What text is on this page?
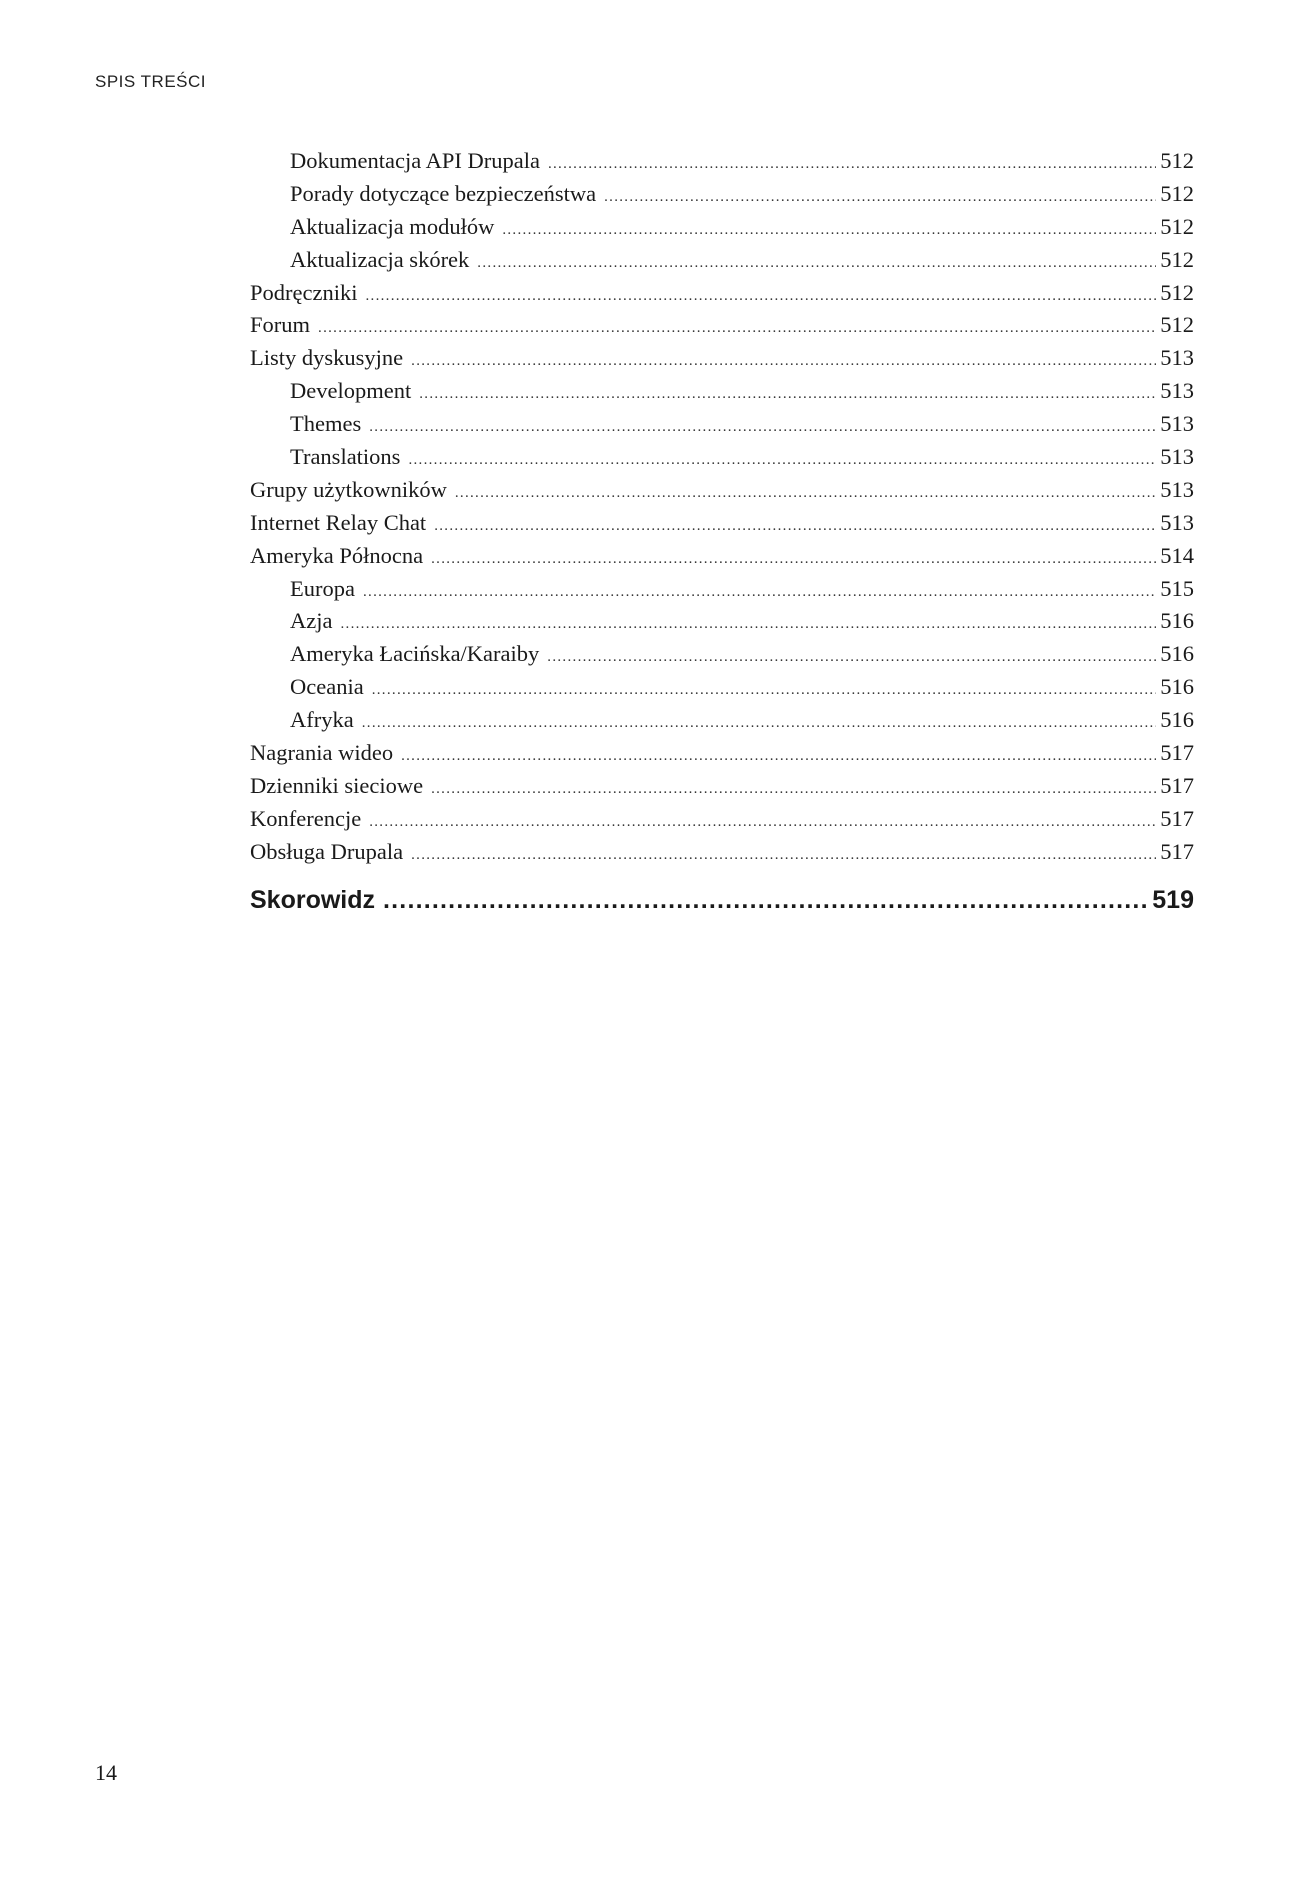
SPIS TREŚCI
Dokumentacja API Drupala .....	512
Porady dotyczące bezpieczeństwa .....	512
Aktualizacja modułów .....	512
Aktualizacja skórek .....	512
Podręczniki .....	512
Forum .....	512
Listy dyskusyjne .....	513
Development .....	513
Themes .....	513
Translations .....	513
Grupy użytkowników .....	513
Internet Relay Chat .....	513
Ameryka Północna .....	514
Europa .....	515
Azja .....	516
Ameryka Łacińska/Karaiby .....	516
Oceania .....	516
Afryka .....	516
Nagrania wideo .....	517
Dzienniki sieciowe .....	517
Konferencje .....	517
Obsługa Drupala .....	517
Skorowidz .....	519
14
